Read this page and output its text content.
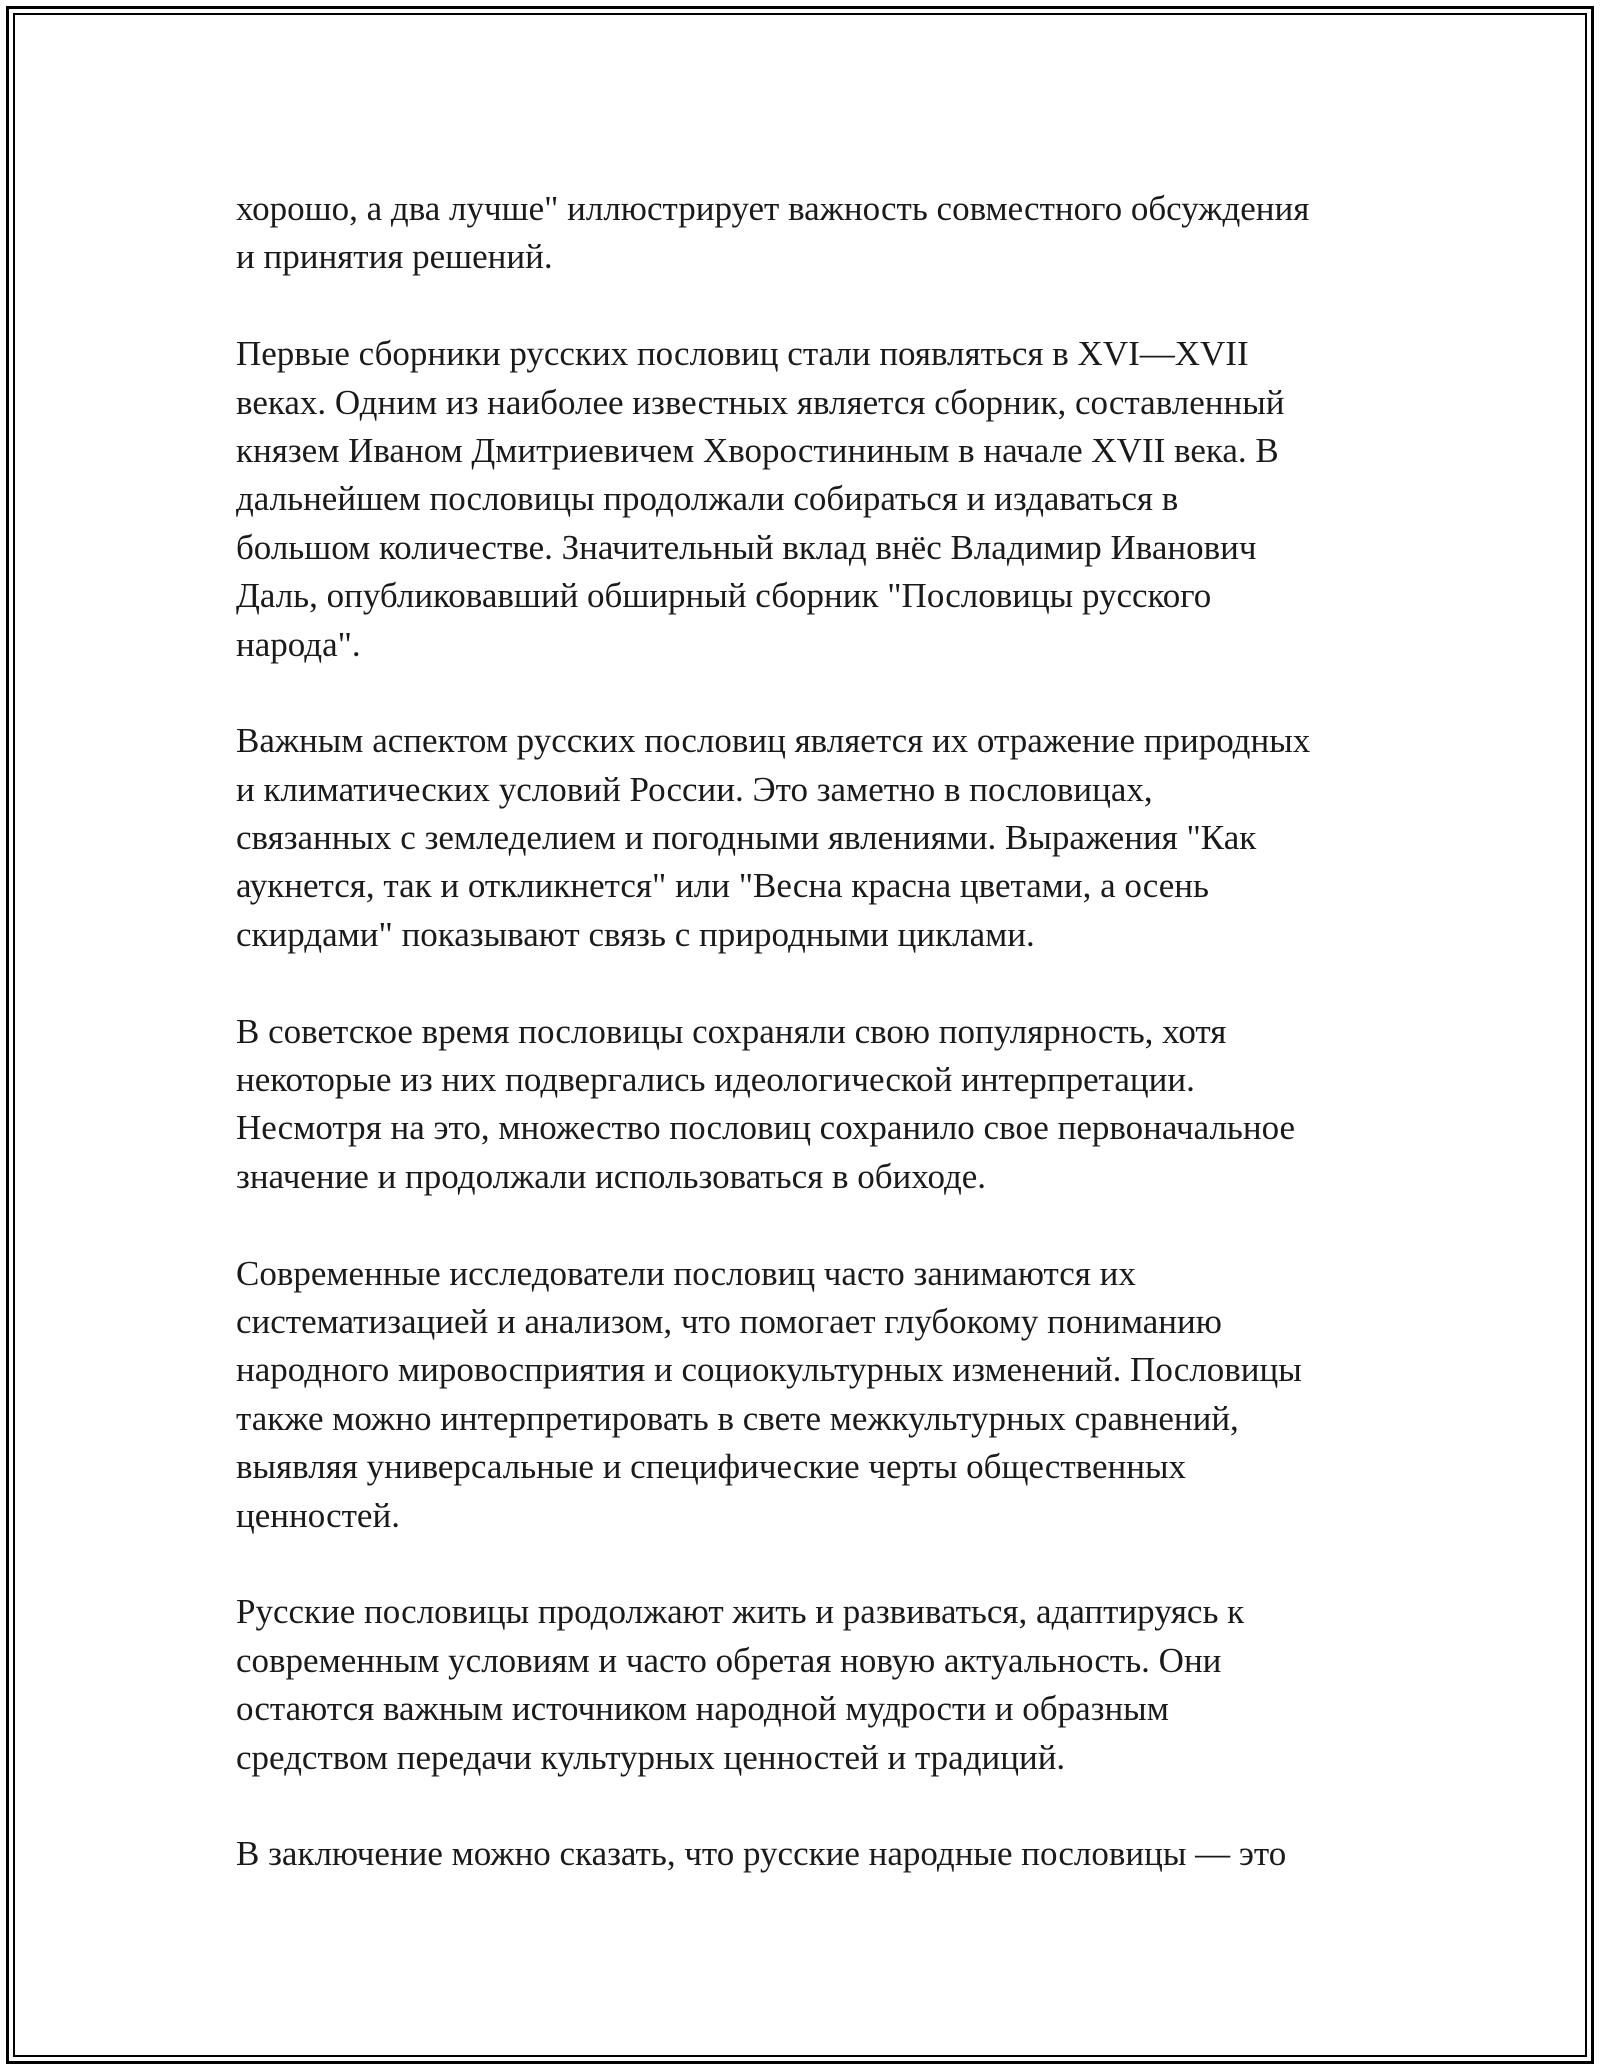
хорошо, а два лучше" иллюстрирует важность совместного обсуждения
и принятия решений.

Первые сборники русских пословиц стали появляться в XVI—XVII
веках. Одним из наиболее известных является сборник, составленный
князем Иваном Дмитриевичем Хворостининым в начале XVII века. В
дальнейшем пословицы продолжали собираться и издаваться в
большом количестве. Значительный вклад внёс Владимир Иванович
Даль, опубликовавший обширный сборник "Пословицы русского
народа".

Важным аспектом русских пословиц является их отражение природных
и климатических условий России. Это заметно в пословицах,
связанных с земледелием и погодными явлениями. Выражения "Как
аукнется, так и откликнется" или "Весна красна цветами, а осень
скирдами" показывают связь с природными циклами.

В советское время пословицы сохраняли свою популярность, хотя
некоторые из них подвергались идеологической интерпретации.
Несмотря на это, множество пословиц сохранило свое первоначальное
значение и продолжали использоваться в обиходе.

Современные исследователи пословиц часто занимаются их
систематизацией и анализом, что помогает глубокому пониманию
народного мировосприятия и социокультурных изменений. Пословицы
также можно интерпретировать в свете межкультурных сравнений,
выявляя универсальные и специфические черты общественных
ценностей.

Русские пословицы продолжают жить и развиваться, адаптируясь к
современным условиям и часто обретая новую актуальность. Они
остаются важным источником народной мудрости и образным
средством передачи культурных ценностей и традиций.

В заключение можно сказать, что русские народные пословицы — это
